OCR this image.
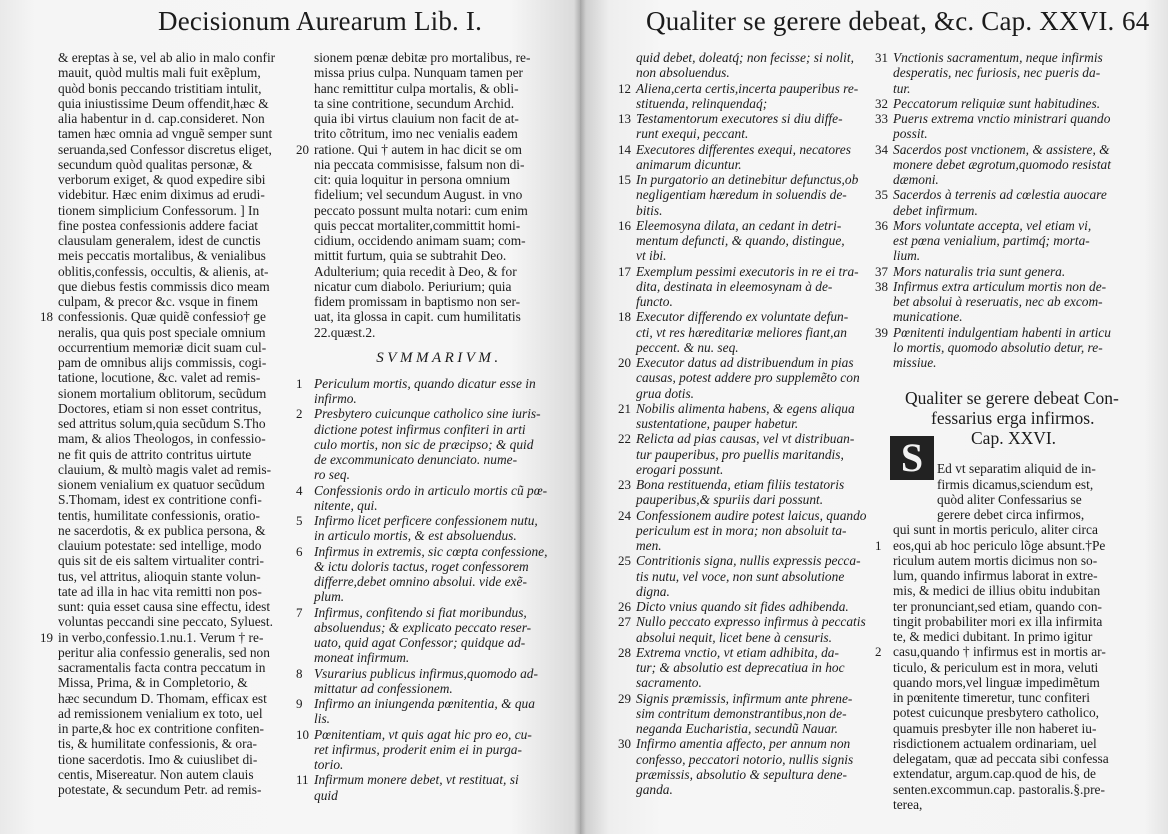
Decisionum Aurearum Lib. I.	Qualiter se gerere debeat, &c. Cap. XXVI. 64
& ereptas à se, vel ab alio in malo confir
mauit, quòd multis mali fuit exẽplum,
quòd bonis peccando tristitiam intulit,
quia iniustissime Deum offendit,hæc &
alia habentur in d. cap.consideret. Non
tamen hæc omnia ad vnguẽ semper sunt
seruanda,sed Confessor discretus eliget,
secundum quòd qualitas personæ, &
verborum exiget, & quod expedire sibi
videbitur. Hæc enim diximus ad erudi-
tionem simplicium Confessorum. ] In
fine postea confessionis addere faciat
clausulam generalem, idest de cunctis
meis peccatis mortalibus, & venialibus
oblitis,confessis, occultis, & alienis, at-
que diebus festis commissis dico meam
culpam, & precor &c. vsque in finem
18 confessionis. Quæ quidẽ confessio† ge
neralis, qua quis post speciale omnium
occurrentium memoriæ dicit suam cul-
pam de omnibus alijs commissis, cogi-
tatione, locutione, &c. valet ad remis-
sionem mortalium oblitorum, secũdum
Doctores, etiam si non esset contritus,
sed attritus solum,quia secũdum S.Tho
mam, & alios Theologos, in confessio-
ne fit quis de attrito contritus uirtute
clauium, & multò magis valet ad remis-
sionem venialium ex quatuor secũdum
S.Thomam, idest ex contritione confi-
tentis, humilitate confessionis, oratio-
ne sacerdotis, & ex publica persona, &
clauium potestate: sed intellige, modo
quis sit de eis saltem virtualiter contri-
tus, vel attritus, alioquin stante volun-
tate ad illa in hac vita remitti non pos-
sunt: quia esset causa sine effectu, idest
voluntas peccandi sine peccato, Syluest.
19 in verbo,confessio.1.nu.1. Verum † re-
peritur alia confessio generalis, sed non
sacramentalis facta contra peccatum in
Missa, Prima, & in Completorio, &
hæc secundum D. Thomam, efficax est
ad remissionem venialium ex toto, uel
in parte,& hoc ex contritione confiten-
tis, & humilitate confessionis, & ora-
tione sacerdotis. Imo & cuiuslibet di-
centis, Misereatur. Non autem clauis
potestate, & secundum Petr. ad remis-
sionem pœnæ debitæ pro mortalibus, re-
missa prius culpa. Nunquam tamen per
hanc remittitur culpa mortalis, & obli-
ta sine contritione, secundum Archid.
quia ibi virtus clauium non facit de at-
trito cõtritum, imo nec venialis eadem
20 ratione. Qui † autem in hac dicit se om
nia peccata commisisse, falsum non di-
cit: quia loquitur in persona omnium
fidelium; vel secundum August. in vno
peccato possunt multa notari: cum enim
quis peccat mortaliter,committit homi-
cidium, occidendo animam suam; com-
mittit furtum, quia se subtrahit Deo.
Adulterium; quia recedit à Deo, & for
nicatur cum diabolo. Periurium; quia
fidem promissam in baptismo non ser-
uat, ita glossa in capit. cum humilitatis
22.quæst.2.
SVMMARIVM.
1 Periculum mortis, quando dicatur esse in
infirmo.
2 Presbytero cuicunque catholico sine iuris-
dictione potest infirmus confiteri in arti
culo mortis, non sic de præcipso; & quid
de excommunicato denunciato. nume-
ro seq.
4 Confessionis ordo in articulo mortis cũ pœ-
nitente, qui.
5 Infirmo licet perficere confessionem nutu,
in articulo mortis, & est absoluendus.
6 Infirmus in extremis, sic cœpta confessione,
& ictu doloris tactus, roget confessorem
differre,debet omnino absolui. vide exẽ-
plum.
7 Infirmus, confitendo si fiat moribundus,
absoluendus; & explicato peccato reser-
uato, quid agat Confessor; quidque ad-
moneat infirmum.
8 Vsurarius publicus infirmus,quomodo ad-
mittatur ad confessionem.
9 Infirmo an iniungenda pœnitentia, & qua
lis.
10 Pœnitentiam, vt quis agat hic pro eo, cu-
ret infirmus, proderit enim ei in purga-
torio.
11 Infirmum monere debet, vt restituat, si
quid
quid debet, doleatq́; non fecisse; si nolit,
non absoluendus.
12 Aliena,certa certis,incerta pauperibus re-
stituenda, relinquendaq́;
13 Testamentorum executores si diu diffe-
runt exequi, peccant.
14 Executores differentes exequi, necatores
animarum dicuntur.
15 In purgatorio an detinebitur defunctus,ob
negligentiam hæredum in soluendis de-
bitis.
16 Eleemosyna dilata, an cedant in detri-
mentum defuncti, & quando, distingue,
vt ibi.
17 Exemplum pessimi executoris in re ei tra-
dita, destinata in eleemosynam à de-
functo.
18 Executor differendo ex voluntate defun-
cti, vt res hæreditariæ meliores fiant,an
peccent. & nu. seq.
20 Executor datus ad distribuendum in pias
causas, potest addere pro supplemẽto con
grua dotis.
21 Nobilis alimenta habens, & egens aliqua
sustentatione, pauper habetur.
22 Relicta ad pias causas, vel vt distribuan-
tur pauperibus, pro puellis maritandis,
erogari possunt.
23 Bona restituenda, etiam filiis testatoris
pauperibus,& spuriis dari possunt.
24 Confessionem audire potest laicus, quando
periculum est in mora; non absoluit ta-
men.
25 Contritionis signa, nullis expressis pecca-
tis nutu, vel voce, non sunt absolutione
digna.
26 Dicto vnius quando sit fides adhibenda.
27 Nullo peccato expresso infirmus à peccatis
absolui nequit, licet bene à censuris.
28 Extrema vnctio, vt etiam adhibita, da-
tur; & absolutio est deprecatiua in hoc
sacramento.
29 Signis præmissis, infirmum ante phrene-
sim contritum demonstrantibus,non de-
neganda Eucharistia, secundũ Nauar.
30 Infirmo amentia affecto, per annum non
confesso, peccatori notorio, nullis signis
præmissis, absolutio & sepultura dene-
ganda.
31 Vnctionis sacramentum, neque infirmis
desperatis, nec furiosis, nec pueris da-
tur.
32 Peccatorum reliquiæ sunt habitudines.
33 Puerıs extrema vnctio ministrari quando
possit.
34 Sacerdos post vnctionem, & assistere, &
monere debet ægrotum,quomodo resistat
dæmoni.
35 Sacerdos à terrenis ad cœlestia auocare
debet infirmum.
36 Mors voluntate accepta, vel etiam vi,
est pœna venialium, partimq́; morta-
lium.
37 Mors naturalis tria sunt genera.
38 Infirmus extra articulum mortis non de-
bet absolui à reseruatis, nec ab excom-
municatione.
39 Pœnitenti indulgentiam habenti in articu
lo mortis, quomodo absolutio detur, re-
missiue.
Qualiter se gerere debeat Con-
fessarius erga infirmos.
Cap. XXVI.
Ed vt separatim aliquid de in-
firmis dicamus,sciendum est,
quòd aliter Confessarius se
gerere debet circa infirmos,
qui sunt in mortis periculo, aliter circa
1 eos,qui ab hoc periculo lõge absunt.†Pe
riculum autem mortis dicimus non so-
lum, quando infirmus laborat in extre-
mis, & medici de illius obitu indubitan
ter pronunciant,sed etiam, quando con-
tingit probabiliter mori ex illa infirmita
te, & medici dubitant. In primo igitur
2 casu,quando † infirmus est in mortis ar-
ticulo, & periculum est in mora, veluti
quando mors,vel linguæ impedimẽtum
in pœnitente timeretur, tunc confiteri
potest cuicunque presbytero catholico,
quamuis presbyter ille non haberet iu-
risdictionem actualem ordinariam, uel
delegatam, quæ ad peccata sibi confessa
extendatur, argum.cap.quod de his, de
senten.excommun.cap. pastoralis.§.pre-
terea,
S
